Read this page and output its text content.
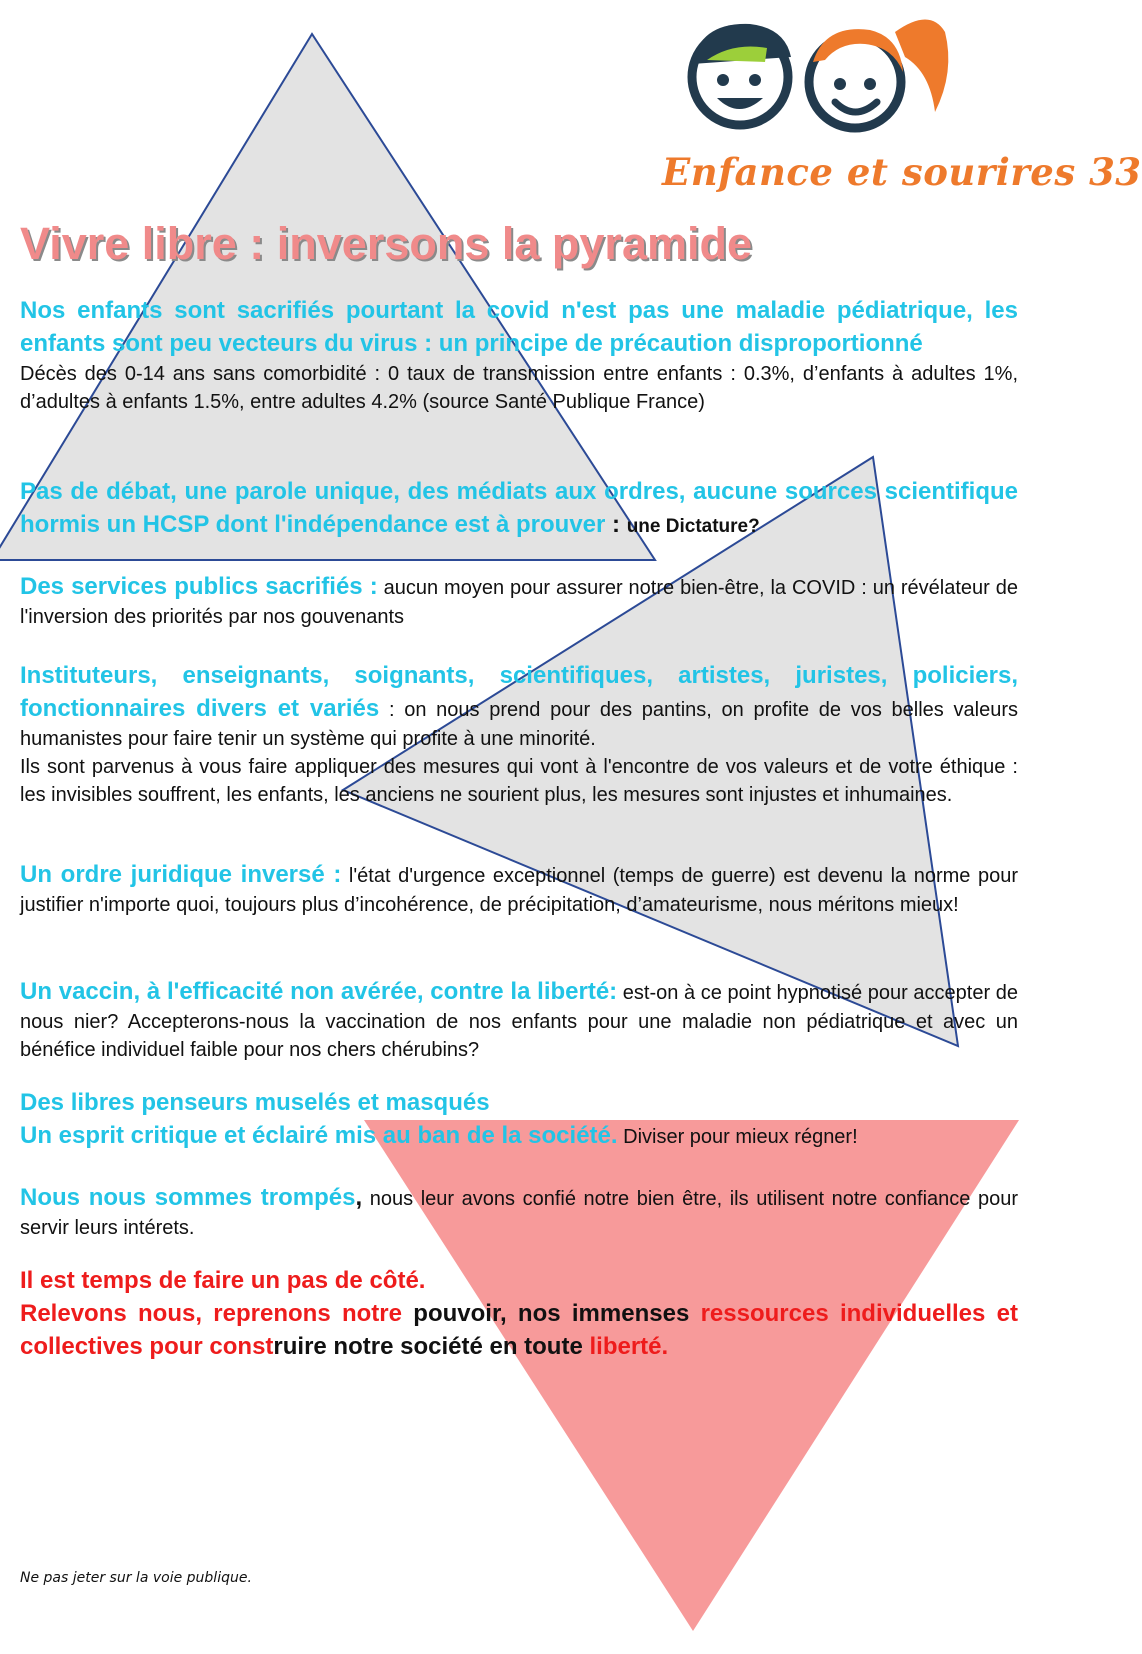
Enfance et sourires 33
Vivre libre : inversons la pyramide
Nos enfants sont sacrifiés pourtant la covid n'est pas une maladie pédiatrique, les enfants sont peu vecteurs du virus : un principe de précaution disproportionné
Décès des 0-14 ans sans comorbidité : 0 taux de transmission entre enfants : 0.3%, d’enfants à adultes 1%, d’adultes à enfants 1.5%, entre adultes 4.2% (source Santé Publique France)
Pas de débat, une parole unique, des médiats aux ordres, aucune sources scientifique hormis un HCSP dont l'indépendance est à prouver : une Dictature?
Des services publics sacrifiés : aucun moyen pour assurer notre bien-être, la COVID : un révélateur de l'inversion des priorités par nos gouvenants
Instituteurs, enseignants, soignants, scientifiques, artistes, juristes, policiers, fonctionnaires divers et variés : on nous prend pour des pantins, on profite de vos belles valeurs humanistes pour faire tenir un système qui profite à une minorité.
Ils sont parvenus à vous faire appliquer des mesures qui vont à l'encontre de vos valeurs et de votre éthique : les invisibles souffrent, les enfants, les anciens ne sourient plus, les mesures sont injustes et inhumaines.
Un ordre juridique inversé : l'état d'urgence exceptionnel (temps de guerre) est devenu la norme pour justifier n'importe quoi, toujours plus d’incohérence, de précipitation, d’amateurisme, nous méritons mieux!
Un vaccin, à l'efficacité non avérée, contre la liberté: est-on à ce point hypnotisé pour accepter de nous nier? Accepterons-nous la vaccination de nos enfants pour une maladie non pédiatrique et avec un bénéfice individuel faible pour nos chers chérubins?
Des libres penseurs muselés et masqués
Un esprit critique et éclairé mis au ban de la société. Diviser pour mieux régner!
Nous nous sommes trompés, nous leur avons confié notre bien être, ils utilisent notre confiance pour servir leurs intérets.
Il est temps de faire un pas de côté.
Relevons nous, reprenons notre pouvoir, nos immenses ressources individuelles et collectives pour construire notre société en toute liberté.
Ne pas jeter sur la voie publique.
